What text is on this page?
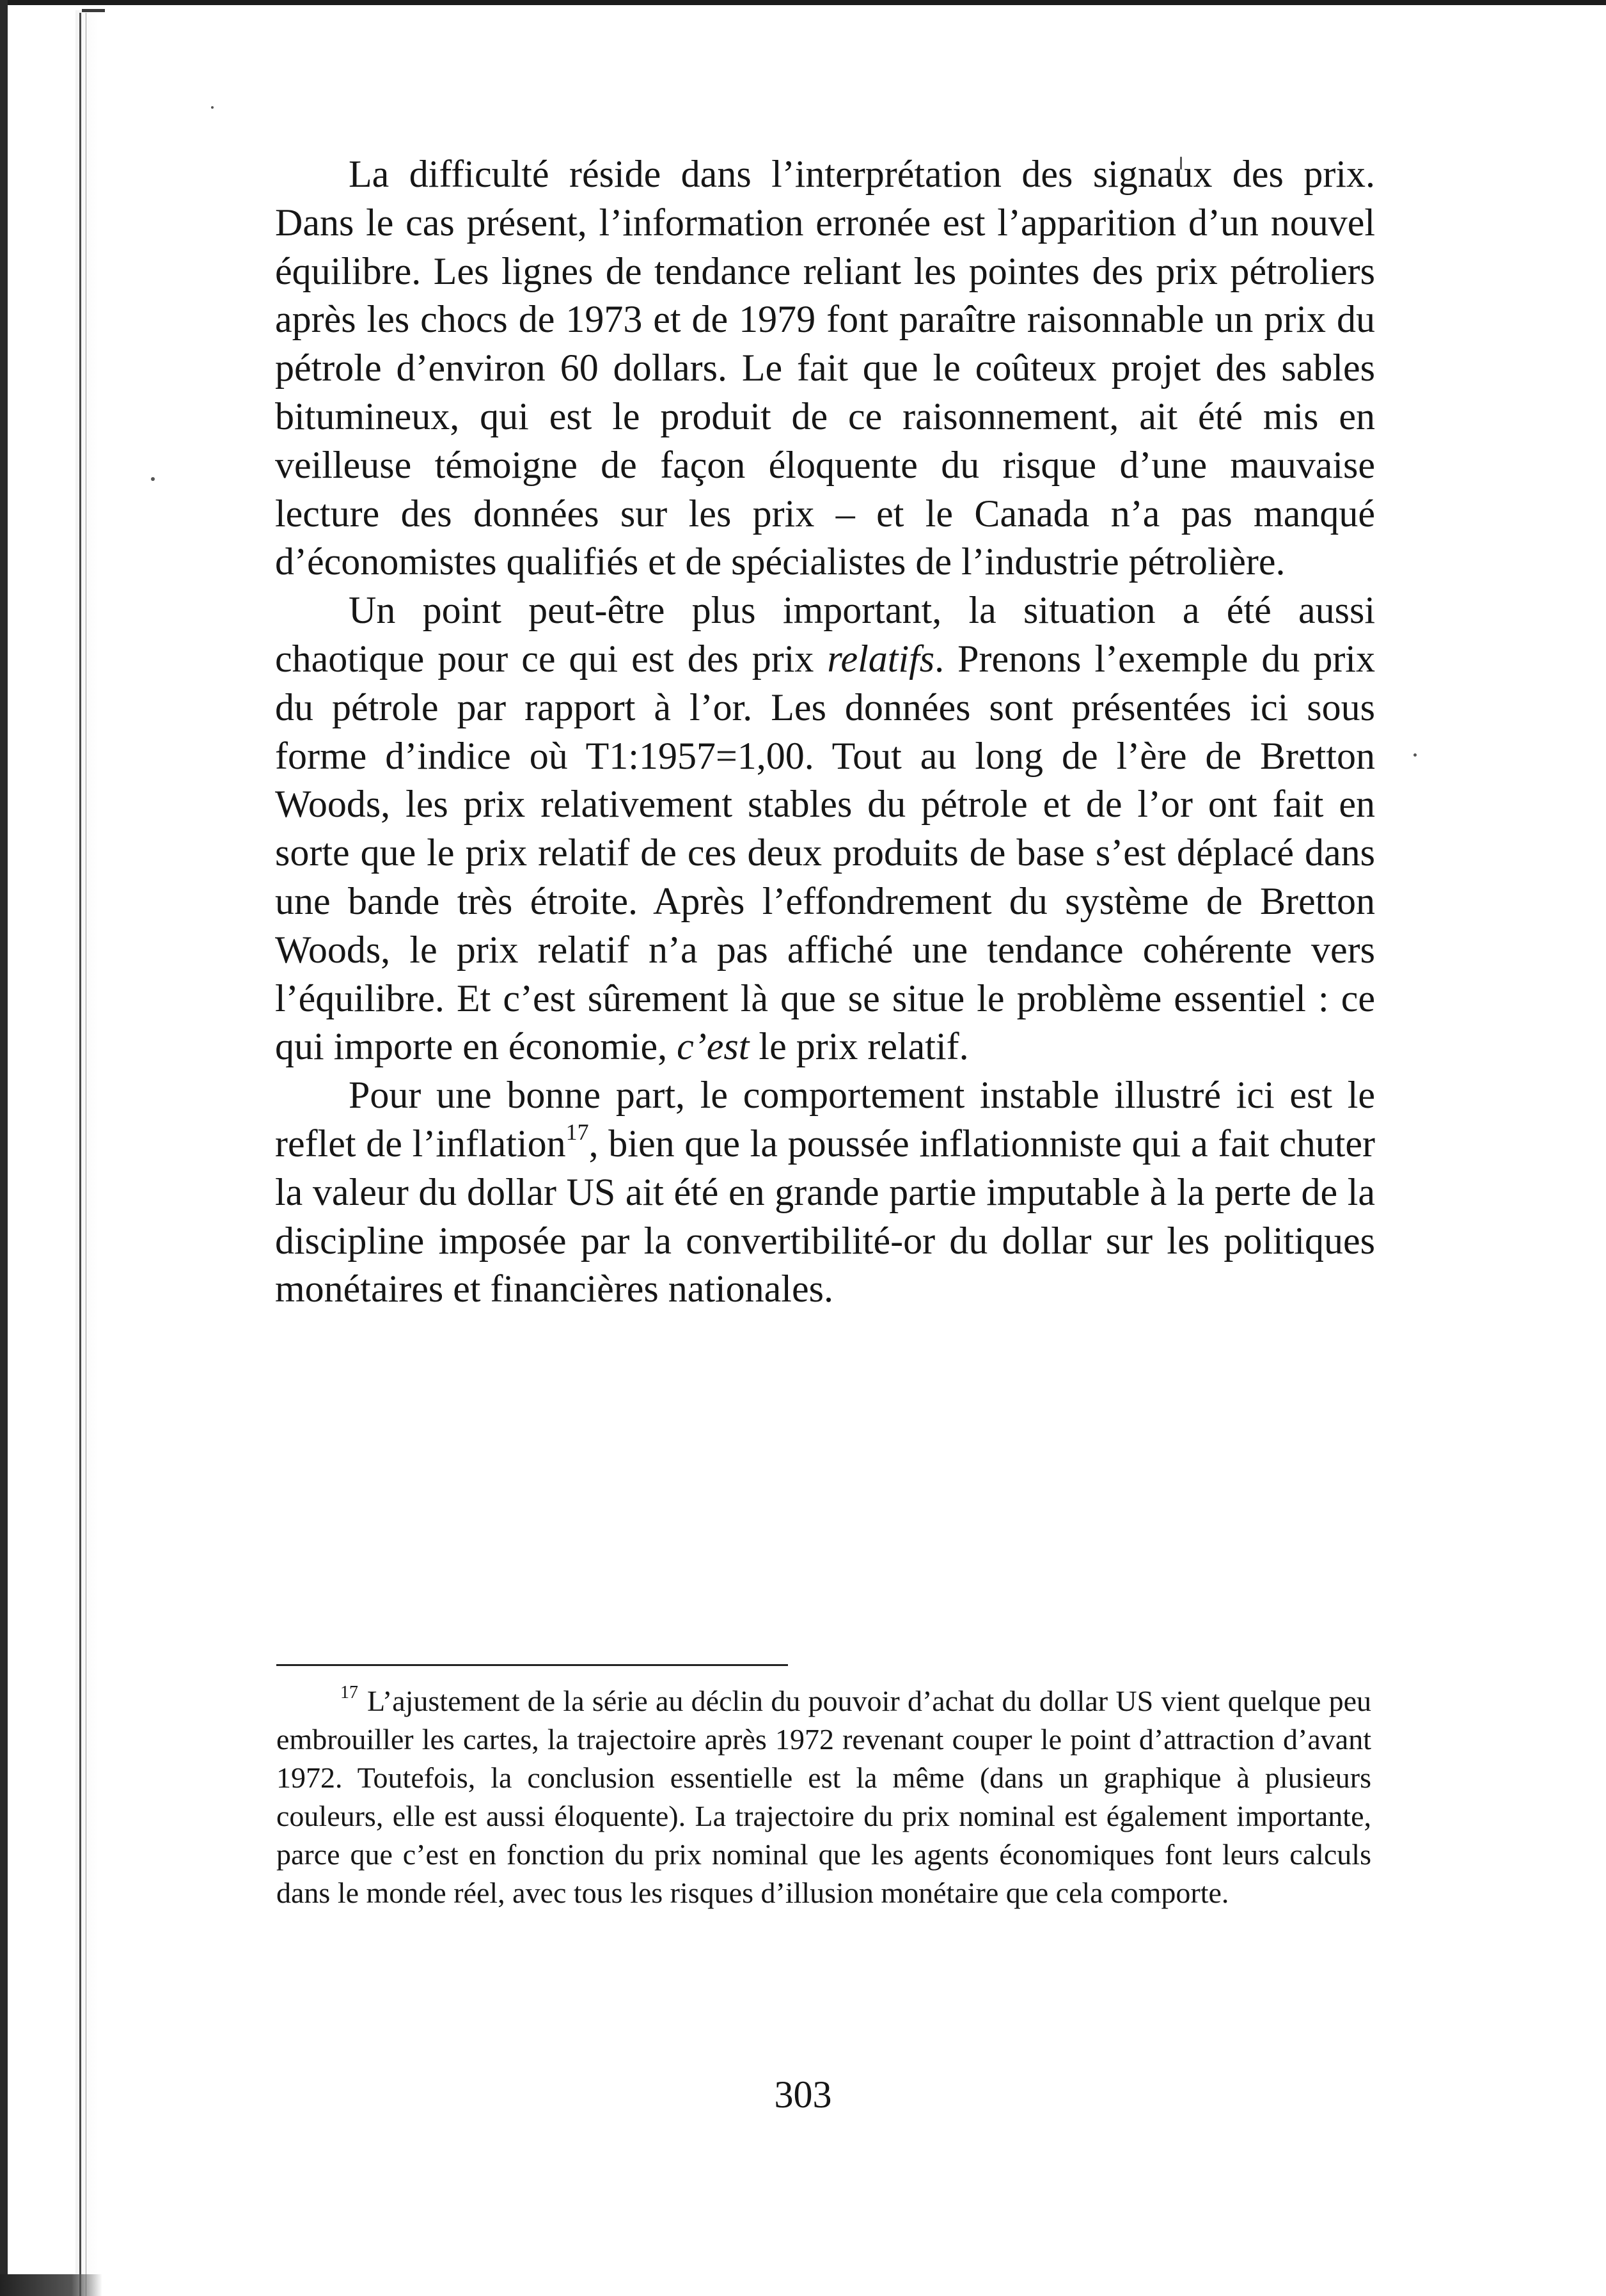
La difficulté réside dans l’interprétation des signaux des prix. Dans le cas présent, l’information erronée est l’apparition d’un nouvel équilibre. Les lignes de tendance reliant les pointes des prix pétroliers après les chocs de 1973 et de 1979 font paraître raisonnable un prix du pétrole d’environ 60 dollars. Le fait que le coûteux projet des sables bitumineux, qui est le produit de ce raisonnement, ait été mis en veilleuse témoigne de façon éloquente du risque d’une mauvaise lecture des données sur les prix – et le Canada n’a pas manqué d’économistes qualifiés et de spécialistes de l’industrie pétrolière.

Un point peut-être plus important, la situation a été aussi chaotique pour ce qui est des prix relatifs. Prenons l’exemple du prix du pétrole par rapport à l’or. Les données sont présentées ici sous forme d’indice où T1:1957=1,00. Tout au long de l’ère de Bretton Woods, les prix relativement stables du pétrole et de l’or ont fait en sorte que le prix relatif de ces deux produits de base s’est déplacé dans une bande très étroite. Après l’effondrement du système de Bretton Woods, le prix relatif n’a pas affiché une tendance cohérente vers l’équilibre. Et c’est sûrement là que se situe le problème essentiel : ce qui importe en économie, c’est le prix relatif.

Pour une bonne part, le comportement instable illustré ici est le reflet de l’inflation$^{17}$, bien que la poussée inflationniste qui a fait chuter la valeur du dollar US ait été en grande partie imputable à la perte de la discipline imposée par la convertibilité-or du dollar sur les politiques monétaires et financières nationales.

$^{17}$ L’ajustement de la série au déclin du pouvoir d’achat du dollar US vient quelque peu embrouiller les cartes, la trajectoire après 1972 revenant couper le point d’attraction d’avant 1972. Toutefois, la conclusion essentielle est la même (dans un graphique à plusieurs couleurs, elle est aussi éloquente). La trajectoire du prix nominal est également importante, parce que c’est en fonction du prix nominal que les agents économiques font leurs calculs dans le monde réel, avec tous les risques d’illusion monétaire que cela comporte.

303
